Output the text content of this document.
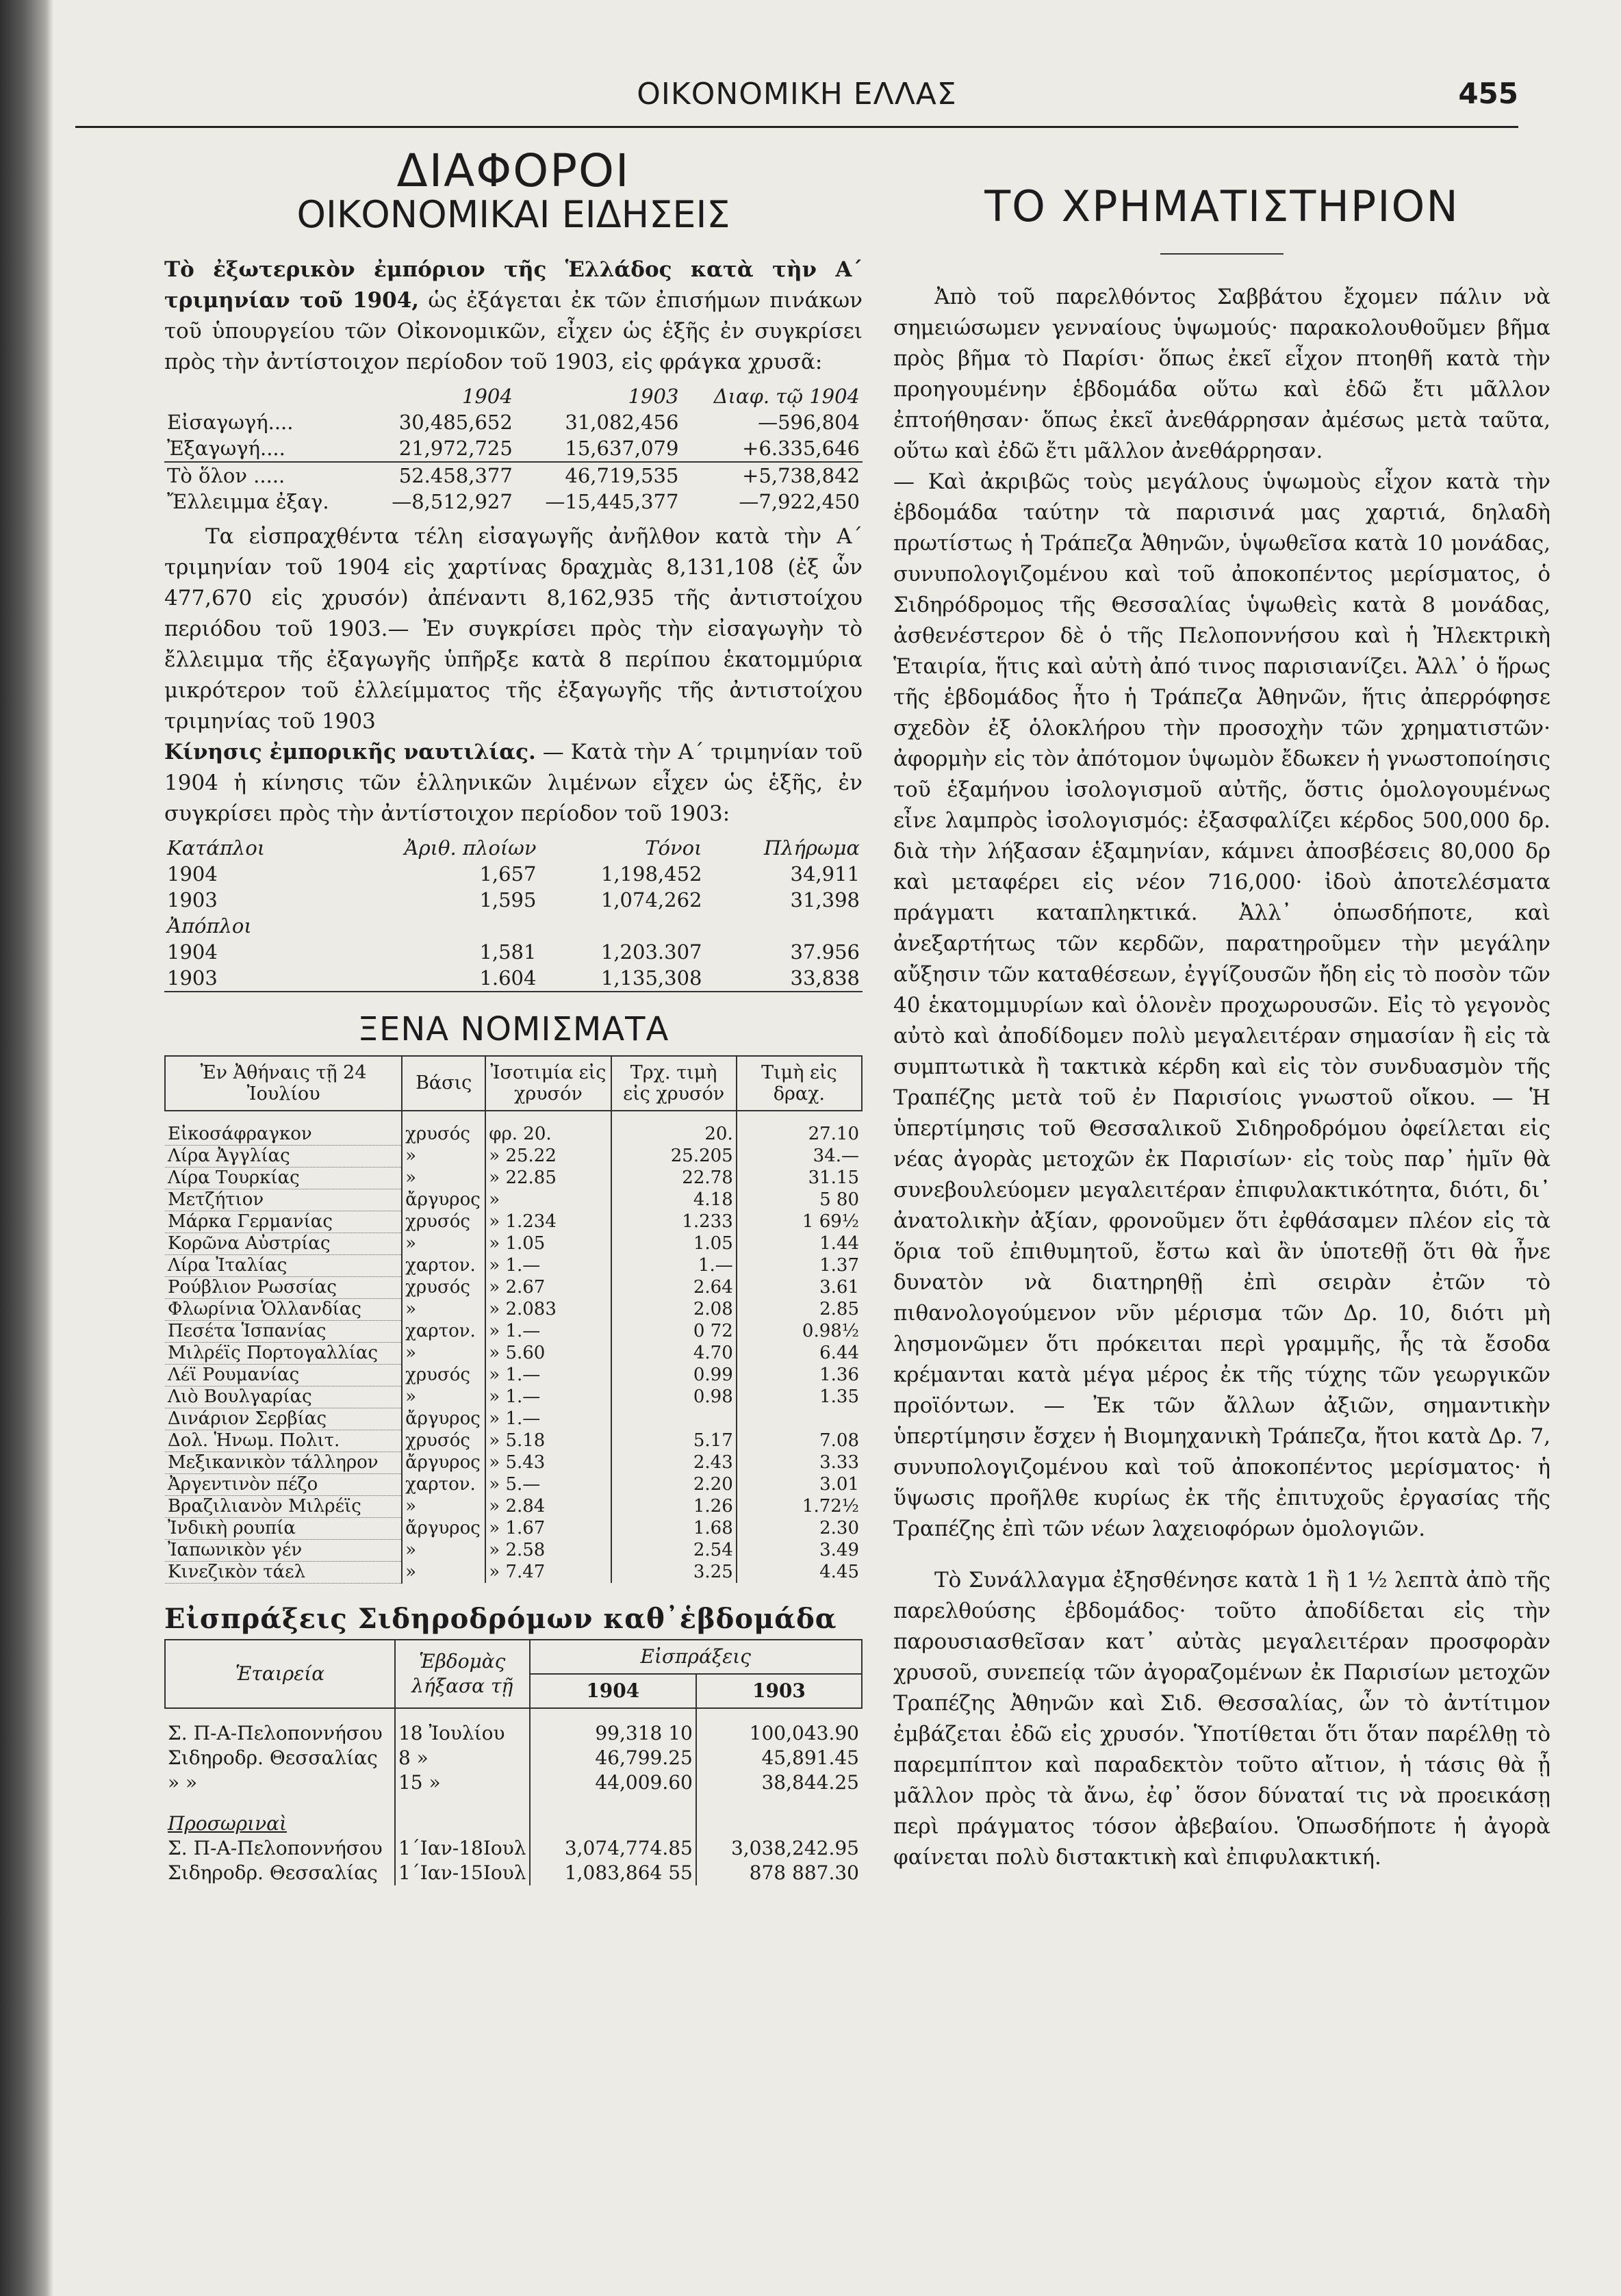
ΟΙΚΟΝΟΜΙΚΗ ΕΛΛΑΣ	455
ΔΙΑΦΟΡΟΙ
ΟΙΚΟΝΟΜΙΚΑΙ ΕΙΔΗΣΕΙΣ

Τὸ ἐξωτερικὸν ἐμπόριον τῆς Ἑλλάδος κατὰ τὴν Α΄ τριμηνίαν τοῦ 1904, ὡς ἐξάγεται ἐκ τῶν ἐπισήμων πινάκων τοῦ ὑπουργείου τῶν Οἰκονομικῶν, εἶχεν ὡς ἑξῆς ἐν συγκρίσει πρὸς τὴν ἀντίστοιχον περίοδον τοῦ 1903, εἰς φράγκα χρυσᾶ:

	1904	1903	Διαφ. τῷ 1904
Εἰσαγωγή....	30,485,652	31,082,456	—596,804
Ἐξαγωγή....	21,972,725	15,637,079	+6.335,646
Τὸ ὅλον .....	52.458,377	46,719,535	+5,738,842
Ἔλλειμμα ἐξαγ.	—8,512,927	—15,445,377	—7,922,450

Τα εἰσπραχθέντα τέλη εἰσαγωγῆς ἀνῆλθον κατὰ τὴν Α΄ τριμηνίαν τοῦ 1904 εἰς χαρτίνας δραχμὰς 8,131,108 (ἐξ ὧν 477,670 εἰς χρυσόν) ἀπέναντι 8,162,935 τῆς ἀντιστοίχου περιόδου τοῦ 1903.— Ἐν συγκρίσει πρὸς τὴν εἰσαγωγὴν τὸ ἔλλειμμα τῆς ἐξαγωγῆς ὑπῆρξε κατὰ 8 περίπου ἑκατομμύρια μικρότερον τοῦ ἐλλείμματος τῆς ἐξαγωγῆς τῆς ἀντιστοίχου τριμηνίας τοῦ 1903

Κίνησις ἐμπορικῆς ναυτιλίας. — Κατὰ τὴν Α΄ τριμηνίαν τοῦ 1904 ἡ κίνησις τῶν ἑλληνικῶν λιμένων εἶχεν ὡς ἑξῆς, ἐν συγκρίσει πρὸς τὴν ἀντίστοιχον περίοδον τοῦ 1903:

Κατάπλοι	Ἀριθ. πλοίων	Τόνοι	Πλήρωμα
1904	1,657	1,198,452	34,911
1903	1,595	1,074,262	31,398
Ἀπόπλοι			
1904	1,581	1,203.307	37.956
1903	1.604	1,135,308	33,838
ΞΕΝΑ ΝΟΜΙΣΜΑΤΑ
Ἐν Ἀθήναις τῇ 24 Ἰουλίου	Βάσις	Ἰσοτιμία εἰς χρυσόν	Τρχ. τιμὴ εἰς χρυσόν	Τιμὴ εἰς δραχ.

Εἰκοσάφραγκον	χρυσός	φρ. 20.	20.	27.10
Λίρα Ἀγγλίας	»	» 25.22	25.205	34.—
Λίρα Τουρκίας	»	» 22.85	22.78	31.15
Μετζήτιον	ἄργυρος	»	4.18	5 80
Μάρκα Γερμανίας	χρυσός	» 1.234	1.233	1 69½
Κορῶνα Αὐστρίας	»	» 1.05	1.05	1.44
Λίρα Ἰταλίας	χαρτον.	» 1.—	1.—	1.37
Ρούβλιον Ρωσσίας	χρυσός	» 2.67	2.64	3.61
Φλωρίνια Ὁλλανδίας	»	» 2.083	2.08	2.85
Πεσέτα Ἱσπανίας	χαρτον.	» 1.—	0 72	0.98½
Μιλρέϊς Πορτογαλλίας	»	» 5.60	4.70	6.44
Λέϊ Ρουμανίας	χρυσός	» 1.—	0.99	1.36
Λιὸ Βουλγαρίας	»	» 1.—	0.98	1.35
Δινάριον Σερβίας	ἄργυρος	» 1.—		
Δολ. Ἡνωμ. Πολιτ.	χρυσός	» 5.18	5.17	7.08
Μεξικανικὸν τάλληρον	ἄργυρος	» 5.43	2.43	3.33
Ἀργεντινὸν πέζο	χαρτον.	» 5.—	2.20	3.01
Βραζιλιανὸν Μιλρέϊς	»	» 2.84	1.26	1.72½
Ἰνδικὴ ρουπία	ἄργυρος	» 1.67	1.68	2.30
Ἰαπωνικὸν γέν	»	» 2.58	2.54	3.49
Κινεζικὸν τάελ	»	» 7.47	3.25	4.45
Εἰσπράξεις Σιδηροδρόμων καθ᾽ἑβδομάδα
Ἑταιρεία	Ἑβδομὰς λήξασα τῇ	Εἰσπράξεις	
		1904	1903

Σ. Π-Α-Πελοποννήσου	18 Ἰουλίου	99,318 10	100,043.90
Σιδηροδρ. Θεσσαλίας	8 »	46,799.25	45,891.45
» »	15 »	44,009.60	38,844.25

Προσωριναὶ			
Σ. Π-Α-Πελοποννήσου	1΄Ιαν-18Ιουλ	3,074,774.85	3,038,242.95
Σιδηροδρ. Θεσσαλίας	1΄Ιαν-15Ιουλ	1,083,864 55	878 887.30
ΤΟ ΧΡΗΜΑΤΙΣΤΗΡΙΟΝ

Ἀπὸ τοῦ παρελθόντος Σαββάτου ἔχομεν πάλιν νὰ σημειώσωμεν γενναίους ὑψωμούς· παρακολουθοῦμεν βῆμα πρὸς βῆμα τὸ Παρίσι· ὅπως ἐκεῖ εἶχον πτοηθῆ κατὰ τὴν προηγουμένην ἑβδομάδα οὕτω καὶ ἐδῶ ἔτι μᾶλλον ἐπτοήθησαν· ὅπως ἐκεῖ ἀνεθάρρησαν ἀμέσως μετὰ ταῦτα, οὕτω καὶ ἐδῶ ἔτι μᾶλλον ἀνεθάρρησαν.

— Καὶ ἀκριβῶς τοὺς μεγάλους ὑψωμοὺς εἶχον κατὰ τὴν ἑβδομάδα ταύτην τὰ παρισινά μας χαρτιά, δηλαδὴ πρωτίστως ἡ Τράπεζα Ἀθηνῶν, ὑψωθεῖσα κατὰ 10 μονάδας, συνυπολογιζομένου καὶ τοῦ ἀποκοπέντος μερίσματος, ὁ Σιδηρόδρομος τῆς Θεσσαλίας ὑψωθεὶς κατὰ 8 μονάδας, ἀσθενέστερον δὲ ὁ τῆς Πελοποννήσου καὶ ἡ Ἠλεκτρικὴ Ἑταιρία, ἥτις καὶ αὐτὴ ἀπό τινος παρισιανίζει. Ἀλλ᾽ ὁ ἥρως τῆς ἑβδομάδος ἦτο ἡ Τράπεζα Ἀθηνῶν, ἥτις ἀπερρόφησε σχεδὸν ἐξ ὁλοκλήρου τὴν προσοχὴν τῶν χρηματιστῶν· ἀφορμὴν εἰς τὸν ἀπότομον ὑψωμὸν ἔδωκεν ἡ γνωστοποίησις τοῦ ἑξαμήνου ἰσολογισμοῦ αὐτῆς, ὅστις ὁμολογουμένως εἶνε λαμπρὸς ἰσολογισμός: ἐξασφαλίζει κέρδος 500,000 δρ. διὰ τὴν λήξασαν ἑξαμηνίαν, κάμνει ἀποσβέσεις 80,000 δρ καὶ μεταφέρει εἰς νέον 716,000· ἰδοὺ ἀποτελέσματα πράγματι καταπληκτικά. Ἀλλ᾽ ὁπωσδήποτε, καὶ ἀνεξαρτήτως τῶν κερδῶν, παρατηροῦμεν τὴν μεγάλην αὔξησιν τῶν καταθέσεων, ἐγγίζουσῶν ἤδη εἰς τὸ ποσὸν τῶν 40 ἑκατομμυρίων καὶ ὁλονὲν προχωρουσῶν. Εἰς τὸ γεγονὸς αὐτὸ καὶ ἀποδίδομεν πολὺ μεγαλειτέραν σημασίαν ἢ εἰς τὰ συμπτωτικὰ ἢ τακτικὰ κέρδη καὶ εἰς τὸν συνδυασμὸν τῆς Τραπέζης μετὰ τοῦ ἐν Παρισίοις γνωστοῦ οἴκου. — Ἡ ὑπερτίμησις τοῦ Θεσσαλικοῦ Σιδηροδρόμου ὀφείλεται εἰς νέας ἀγορὰς μετοχῶν ἐκ Παρισίων· εἰς τοὺς παρ᾽ ἡμῖν θὰ συνεβουλεύομεν μεγαλειτέραν ἐπιφυλακτικότητα, διότι, δι᾽ ἀνατολικὴν ἀξίαν, φρονοῦμεν ὅτι ἐφθάσαμεν πλέον εἰς τὰ ὅρια τοῦ ἐπιθυμητοῦ, ἔστω καὶ ἂν ὑποτεθῇ ὅτι θὰ ἦνε δυνατὸν νὰ διατηρηθῇ ἐπὶ σειρὰν ἐτῶν τὸ πιθανολογούμενον νῦν μέρισμα τῶν Δρ. 10, διότι μὴ λησμονῶμεν ὅτι πρόκειται περὶ γραμμῆς, ἧς τὰ ἔσοδα κρέμανται κατὰ μέγα μέρος ἐκ τῆς τύχης τῶν γεωργικῶν προϊόντων. — Ἐκ τῶν ἄλλων ἀξιῶν, σημαντικὴν ὑπερτίμησιν ἔσχεν ἡ Βιομηχανικὴ Τράπεζα, ἤτοι κατὰ Δρ. 7, συνυπολογιζομένου καὶ τοῦ ἀποκοπέντος μερίσματος· ἡ ὕψωσις προῆλθε κυρίως ἐκ τῆς ἐπιτυχοῦς ἐργασίας τῆς Τραπέζης ἐπὶ τῶν νέων λαχειοφόρων ὁμολογιῶν.

Τὸ Συνάλλαγμα ἐξησθένησε κατὰ 1 ἢ 1 ½ λεπτὰ ἀπὸ τῆς παρελθούσης ἑβδομάδος· τοῦτο ἀποδίδεται εἰς τὴν παρουσιασθεῖσαν κατ᾽ αὐτὰς μεγαλειτέραν προσφορὰν χρυσοῦ, συνεπείᾳ τῶν ἀγοραζομένων ἐκ Παρισίων μετοχῶν Τραπέζης Ἀθηνῶν καὶ Σιδ. Θεσσαλίας, ὧν τὸ ἀντίτιμον ἐμβάζεται ἐδῶ εἰς χρυσόν. Ὑποτίθεται ὅτι ὅταν παρέλθῃ τὸ παρεμπίπτον καὶ παραδεκτὸν τοῦτο αἴτιον, ἡ τάσις θὰ ᾖ μᾶλλον πρὸς τὰ ἄνω, ἐφ᾽ ὅσον δύναταί τις νὰ προεικάσῃ περὶ πράγματος τόσον ἀβεβαίου. Ὁπωσδήποτε ἡ ἀγορὰ φαίνεται πολὺ διστακτικὴ καὶ ἐπιφυλακτική.
